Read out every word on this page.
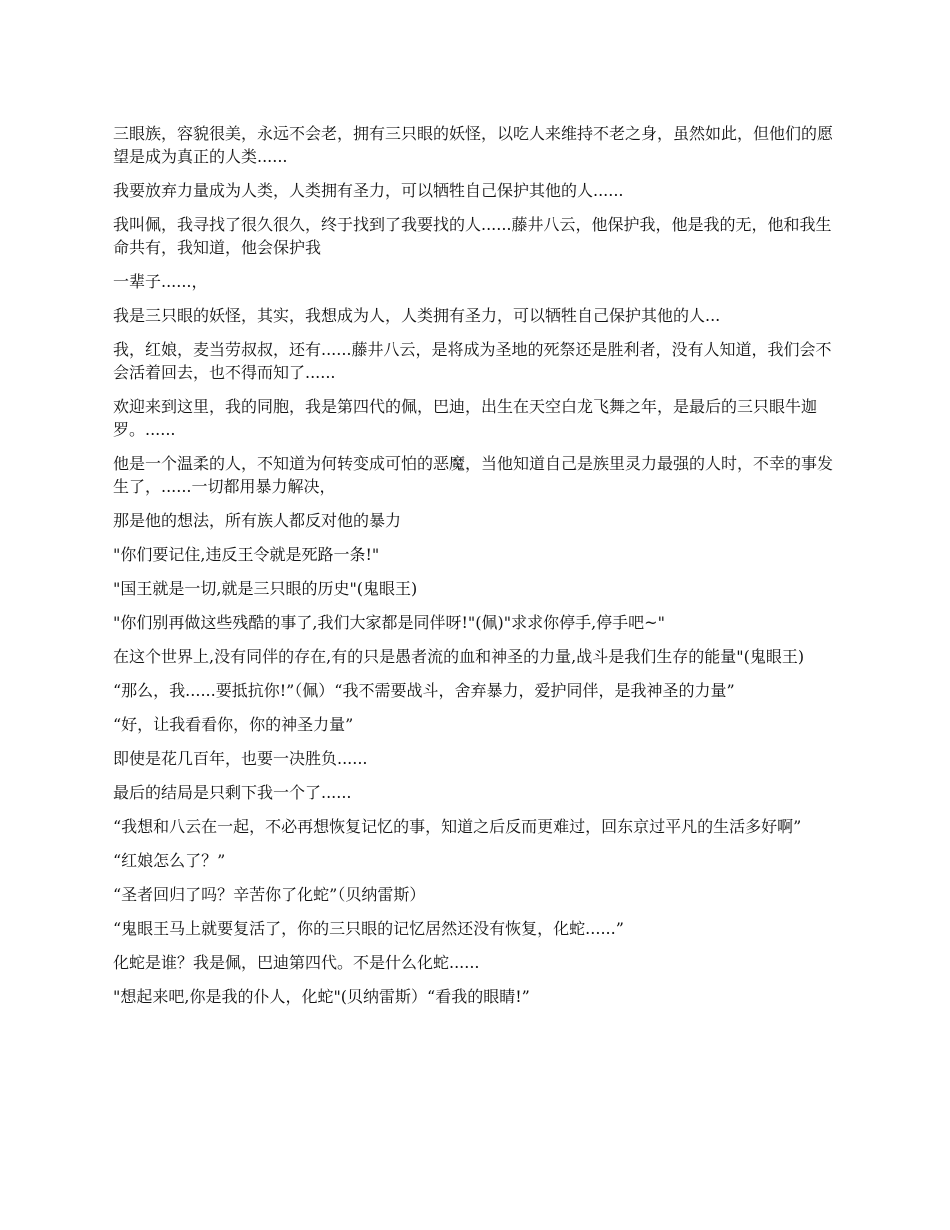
三眼族，容貌很美，永远不会老，拥有三只眼的妖怪，以吃人来维持不老之身，虽然如此，但他们的愿望是成为真正的人类......

我要放弃力量成为人类，人类拥有圣力，可以牺牲自己保护其他的人......

我叫佩，我寻找了很久很久，终于找到了我要找的人......藤井八云，他保护我，他是我的无，他和我生命共有，我知道，他会保护我

一辈子......，

我是三只眼的妖怪，其实，我想成为人，人类拥有圣力，可以牺牲自己保护其他的人...

我，红娘，麦当劳叔叔，还有......藤井八云，是将成为圣地的死祭还是胜利者，没有人知道，我们会不会活着回去，也不得而知了......

欢迎来到这里，我的同胞，我是第四代的佩，巴迪，出生在天空白龙飞舞之年，是最后的三只眼牛迦罗。......

他是一个温柔的人，不知道为何转变成可怕的恶魔，当他知道自己是族里灵力最强的人时，不幸的事发生了，......一切都用暴力解决，

那是他的想法，所有族人都反对他的暴力

"你们要记住,违反王令就是死路一条!"

"国王就是一切,就是三只眼的历史"(鬼眼王)

"你们别再做这些残酷的事了,我们大家都是同伴呀!"(佩)"求求你停手,停手吧~"

在这个世界上,没有同伴的存在,有的只是愚者流的血和神圣的力量,战斗是我们生存的能量"(鬼眼王)

“那么，我......要抵抗你!”（佩）“我不需要战斗，舍弃暴力，爱护同伴，是我神圣的力量”

“好，让我看看你，你的神圣力量”

即使是花几百年，也要一决胜负......

最后的结局是只剩下我一个了......

“我想和八云在一起，不必再想恢复记忆的事，知道之后反而更难过，回东京过平凡的生活多好啊”

“红娘怎么了？”

“圣者回归了吗？辛苦你了化蛇”（贝纳雷斯）

“鬼眼王马上就要复活了，你的三只眼的记忆居然还没有恢复，化蛇......”

化蛇是谁？我是佩，巴迪第四代。不是什么化蛇......

"想起来吧,你是我的仆人，化蛇"(贝纳雷斯）“看我的眼睛!”
